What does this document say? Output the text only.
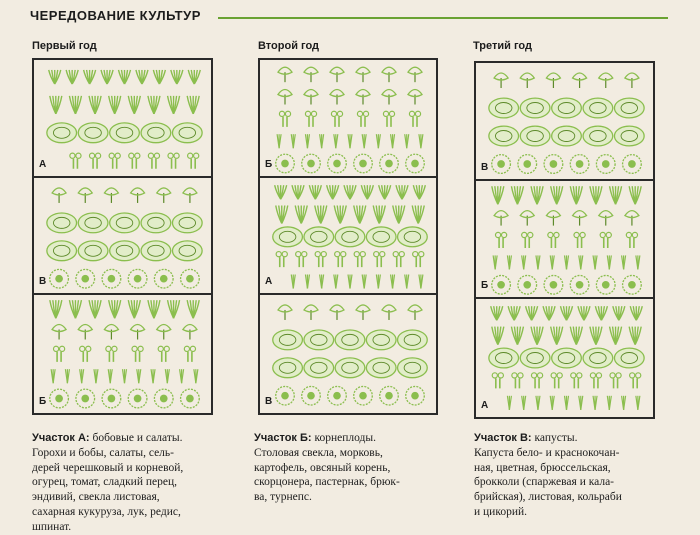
ЧЕРЕДОВАНИЕ КУЛЬТУР
Первый год	Второй год	Третий год
А
В
Б
Б
А
В
В
Б
А
Участок А: бобовые и салаты.
Горохи и бобы, салаты, сель-
дерей черешковый и корневой,
огурец, томат, сладкий перец,
эндивий, свекла листовая,
сахарная кукуруза, лук, редис,
шпинат.
Участок Б: корнеплоды.
Столовая свекла, морковь,
картофель, овсяный корень,
скорцонера, пастернак, брюк-
ва, турнепс.
Участок В: капусты.
Капуста бело- и краснокочан-
ная, цветная, брюссельская,
брокколи (спаржевая и кала-
брийская), листовая, кольраби
и цикорий.
